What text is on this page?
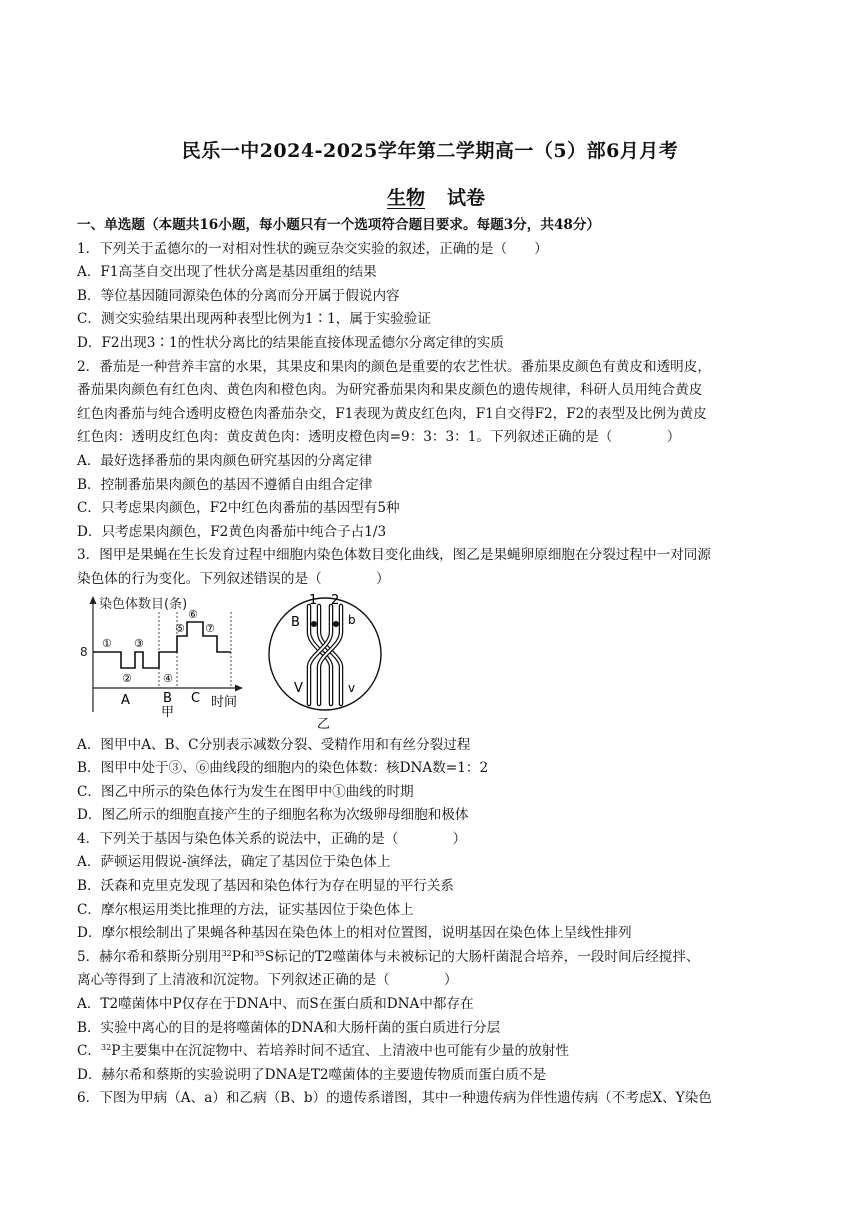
民乐一中2024-2025学年第二学期高一（5）部6月月考
生物 试卷
一、单选题（本题共16小题，每小题只有一个选项符合题目要求。每题3分，共48分）
1．下列关于孟德尔的一对相对性状的豌豆杂交实验的叙述，正确的是（　　）
A．F1高茎自交出现了性状分离是基因重组的结果
B．等位基因随同源染色体的分离而分开属于假说内容
C．测交实验结果出现两种表型比例为1∶1，属于实验验证
D．F2出现3∶1的性状分离比的结果能直接体现孟德尔分离定律的实质
2．番茄是一种营养丰富的水果，其果皮和果肉的颜色是重要的农艺性状。番茄果皮颜色有黄皮和透明皮，
番茄果肉颜色有红色肉、黄色肉和橙色肉。为研究番茄果肉和果皮颜色的遗传规律，科研人员用纯合黄皮
红色肉番茄与纯合透明皮橙色肉番茄杂交，F1表现为黄皮红色肉，F1自交得F2，F2的表型及比例为黄皮
红色肉：透明皮红色肉：黄皮黄色肉：透明皮橙色肉=9：3：3：1。下列叙述正确的是（　　　　）
A．最好选择番茄的果肉颜色研究基因的分离定律
B．控制番茄果肉颜色的基因不遵循自由组合定律
C．只考虑果肉颜色，F2中红色肉番茄的基因型有5种
D．只考虑果肉颜色，F2黄色肉番茄中纯合子占1/3
3．图甲是果蝇在生长发育过程中细胞内染色体数目变化曲线，图乙是果蝇卵原细胞在分裂过程中一对同源
染色体的行为变化。下列叙述错误的是（　　　　）
染色体数目(条)
8
①
②
③
④
⑤
⑥
⑦
A	B C 时间
甲
1 2
B	b
V	v
乙
A．图甲中A、B、C分别表示减数分裂、受精作用和有丝分裂过程
B．图甲中处于③、⑥曲线段的细胞内的染色体数：核DNA数=1：2
C．图乙中所示的染色体行为发生在图甲中①曲线的时期
D．图乙所示的细胞直接产生的子细胞名称为次级卵母细胞和极体
4．下列关于基因与染色体关系的说法中，正确的是（　　　　）
A．萨顿运用假说-演绎法，确定了基因位于染色体上
B．沃森和克里克发现了基因和染色体行为存在明显的平行关系
C．摩尔根运用类比推理的方法，证实基因位于染色体上
D．摩尔根绘制出了果蝇各种基因在染色体上的相对位置图，说明基因在染色体上呈线性排列
5．赫尔希和蔡斯分别用$^{32}$P和$^{35}$S标记的T2噬菌体与未被标记的大肠杆菌混合培养，一段时间后经搅拌、
离心等得到了上清液和沉淀物。下列叙述正确的是（　　　　）
A．T2噬菌体中P仅存在于DNA中、而S在蛋白质和DNA中都存在
B．实验中离心的目的是将噬菌体的DNA和大肠杆菌的蛋白质进行分层
C．$^{32}$P主要集中在沉淀物中、若培养时间不适宜、上清液中也可能有少量的放射性
D．赫尔希和蔡斯的实验说明了DNA是T2噬菌体的主要遗传物质而蛋白质不是
6．下图为甲病（A、a）和乙病（B、b）的遗传系谱图，其中一种遗传病为伴性遗传病（不考虑X、Y染色
